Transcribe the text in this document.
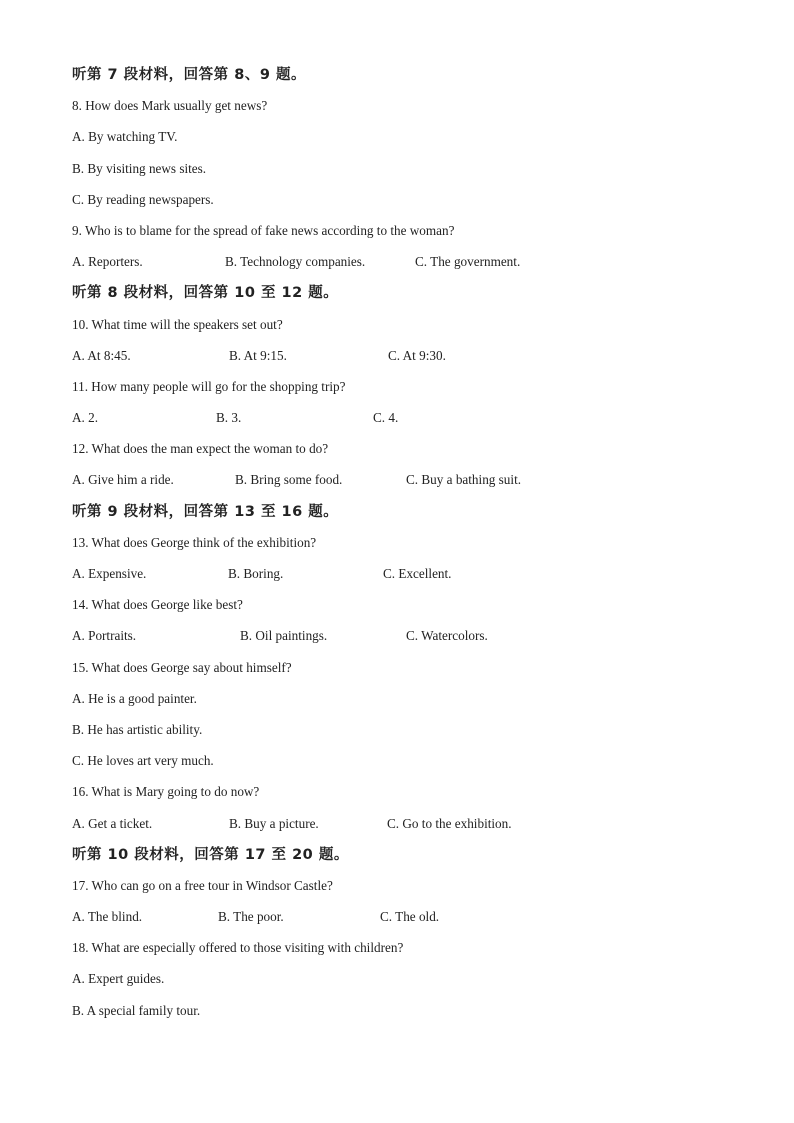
听第 7 段材料，回答第 8、9 题。
8. How does Mark usually get news?
A. By watching TV.
B. By visiting news sites.
C. By reading newspapers.
9. Who is to blame for the spread of fake news according to the woman?
A. Reporters.	B. Technology companies.	C. The government.
听第 8 段材料，回答第 10 至 12 题。
10. What time will the speakers set out?
A. At 8:45.	B. At 9:15.	C. At 9:30.
11. How many people will go for the shopping trip?
A. 2.	B. 3.	C. 4.
12. What does the man expect the woman to do?
A. Give him a ride.	B. Bring some food.	C. Buy a bathing suit.
听第 9 段材料，回答第 13 至 16 题。
13. What does George think of the exhibition?
A. Expensive.	B. Boring.	C. Excellent.
14. What does George like best?
A. Portraits.	B. Oil paintings.	C. Watercolors.
15. What does George say about himself?
A. He is a good painter.
B. He has artistic ability.
C. He loves art very much.
16. What is Mary going to do now?
A. Get a ticket.	B. Buy a picture.	C. Go to the exhibition.
听第 10 段材料，回答第 17 至 20 题。
17. Who can go on a free tour in Windsor Castle?
A. The blind.	B. The poor.	C. The old.
18. What are especially offered to those visiting with children?
A. Expert guides.
B. A special family tour.
